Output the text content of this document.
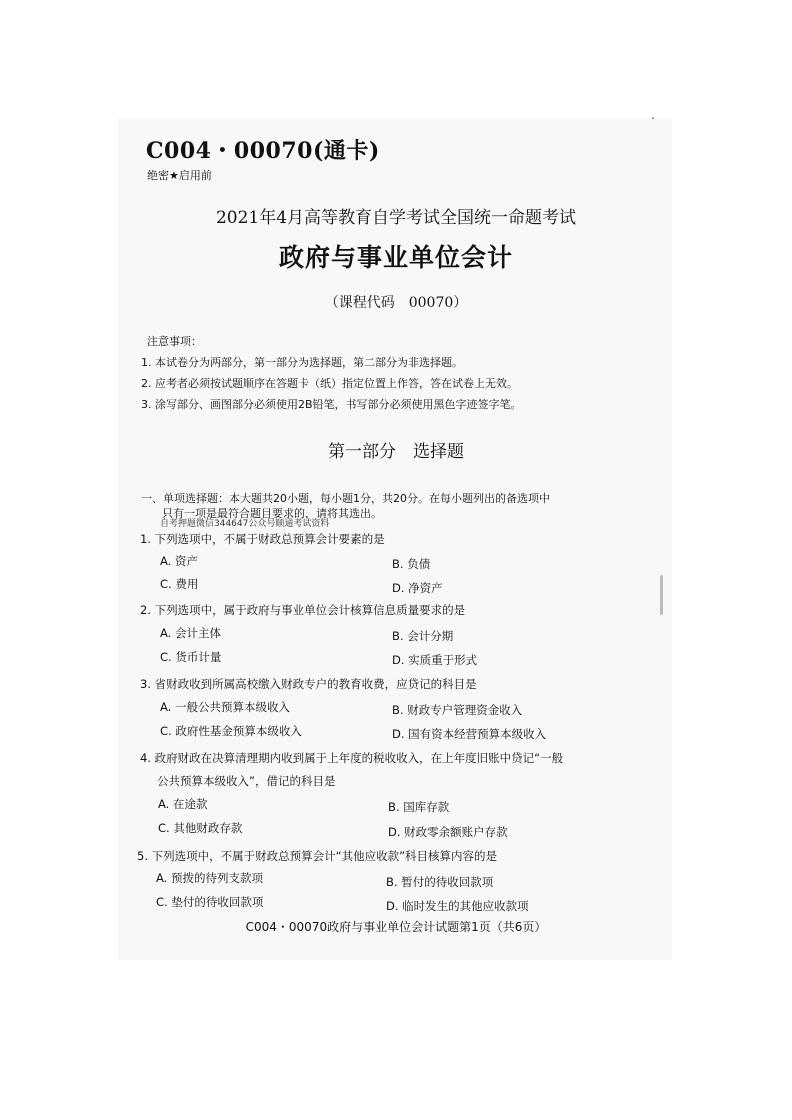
C004・00070(通卡)
绝密★启用前
2021年4月高等教育自学考试全国统一命题考试
政府与事业单位会计
（课程代码　00070）
注意事项：
1. 本试卷分为两部分，第一部分为选择题，第二部分为非选择题。
2. 应考者必须按试题顺序在答题卡（纸）指定位置上作答，答在试卷上无效。
3. 涂写部分、画图部分必须使用2B铅笔，书写部分必须使用黑色字迹签字笔。
第一部分　选择题
一、单项选择题：本大题共20小题，每小题1分，共20分。在每小题列出的备选项中
只有一项是最符合题目要求的，请将其选出。
自考押题微信344647公众号顺通考试资料
1. 下列选项中，不属于财政总预算会计要素的是
A. 资产	B. 负债
C. 费用	D. 净资产
2. 下列选项中，属于政府与事业单位会计核算信息质量要求的是
A. 会计主体	B. 会计分期
C. 货币计量	D. 实质重于形式
3. 省财政收到所属高校缴入财政专户的教育收费，应贷记的科目是
A. 一般公共预算本级收入	B. 财政专户管理资金收入
C. 政府性基金预算本级收入	D. 国有资本经营预算本级收入
4. 政府财政在决算清理期内收到属于上年度的税收收入，在上年度旧账中贷记“一般
公共预算本级收入”，借记的科目是
A. 在途款	B. 国库存款
C. 其他财政存款	D. 财政零余额账户存款
5. 下列选项中，不属于财政总预算会计“其他应收款”科目核算内容的是
A. 预拨的待列支款项	B. 暂付的待收回款项
C. 垫付的待收回款项	D. 临时发生的其他应收款项
C004・00070政府与事业单位会计试题第1页（共6页）
